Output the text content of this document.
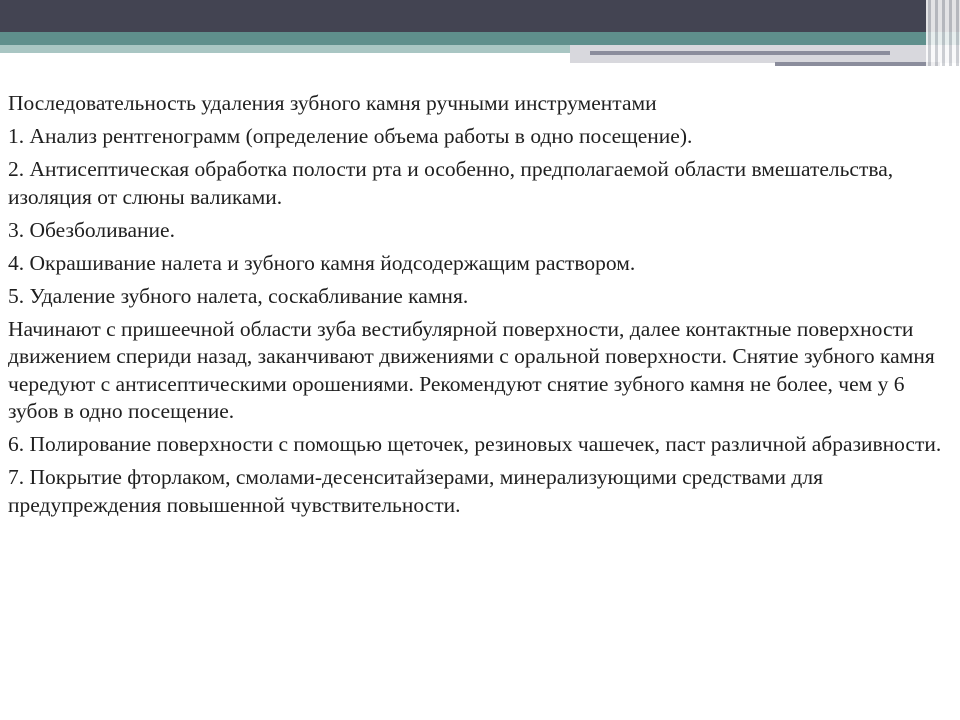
Последовательность удаления зубного камня ручными инструментами

1. Анализ рентгенограмм (определение объема работы в одно посещение).

2. Антисептическая обработка полости рта и особенно, предполагаемой области вмешательства, изоляция от слюны валиками.

3. Обезболивание.

4. Окрашивание налета и зубного камня йодсодержащим раствором.

5. Удаление зубного налета, соскабливание камня.

Начинают с пришеечной области зуба вестибулярной поверхности, далее контактные поверхности движением спериди назад, заканчивают движениями с оральной поверхности. Снятие зубного камня чередуют с антисептическими орошениями. Рекомендуют снятие зубного камня не более, чем у 6 зубов в одно посещение.

6. Полирование поверхности с помощью щеточек, резиновых чашечек, паст различной абразивности.

7. Покрытие фторлаком, смолами-десенситайзерами, минерализующими средствами для предупреждения повышенной чувствительности.
